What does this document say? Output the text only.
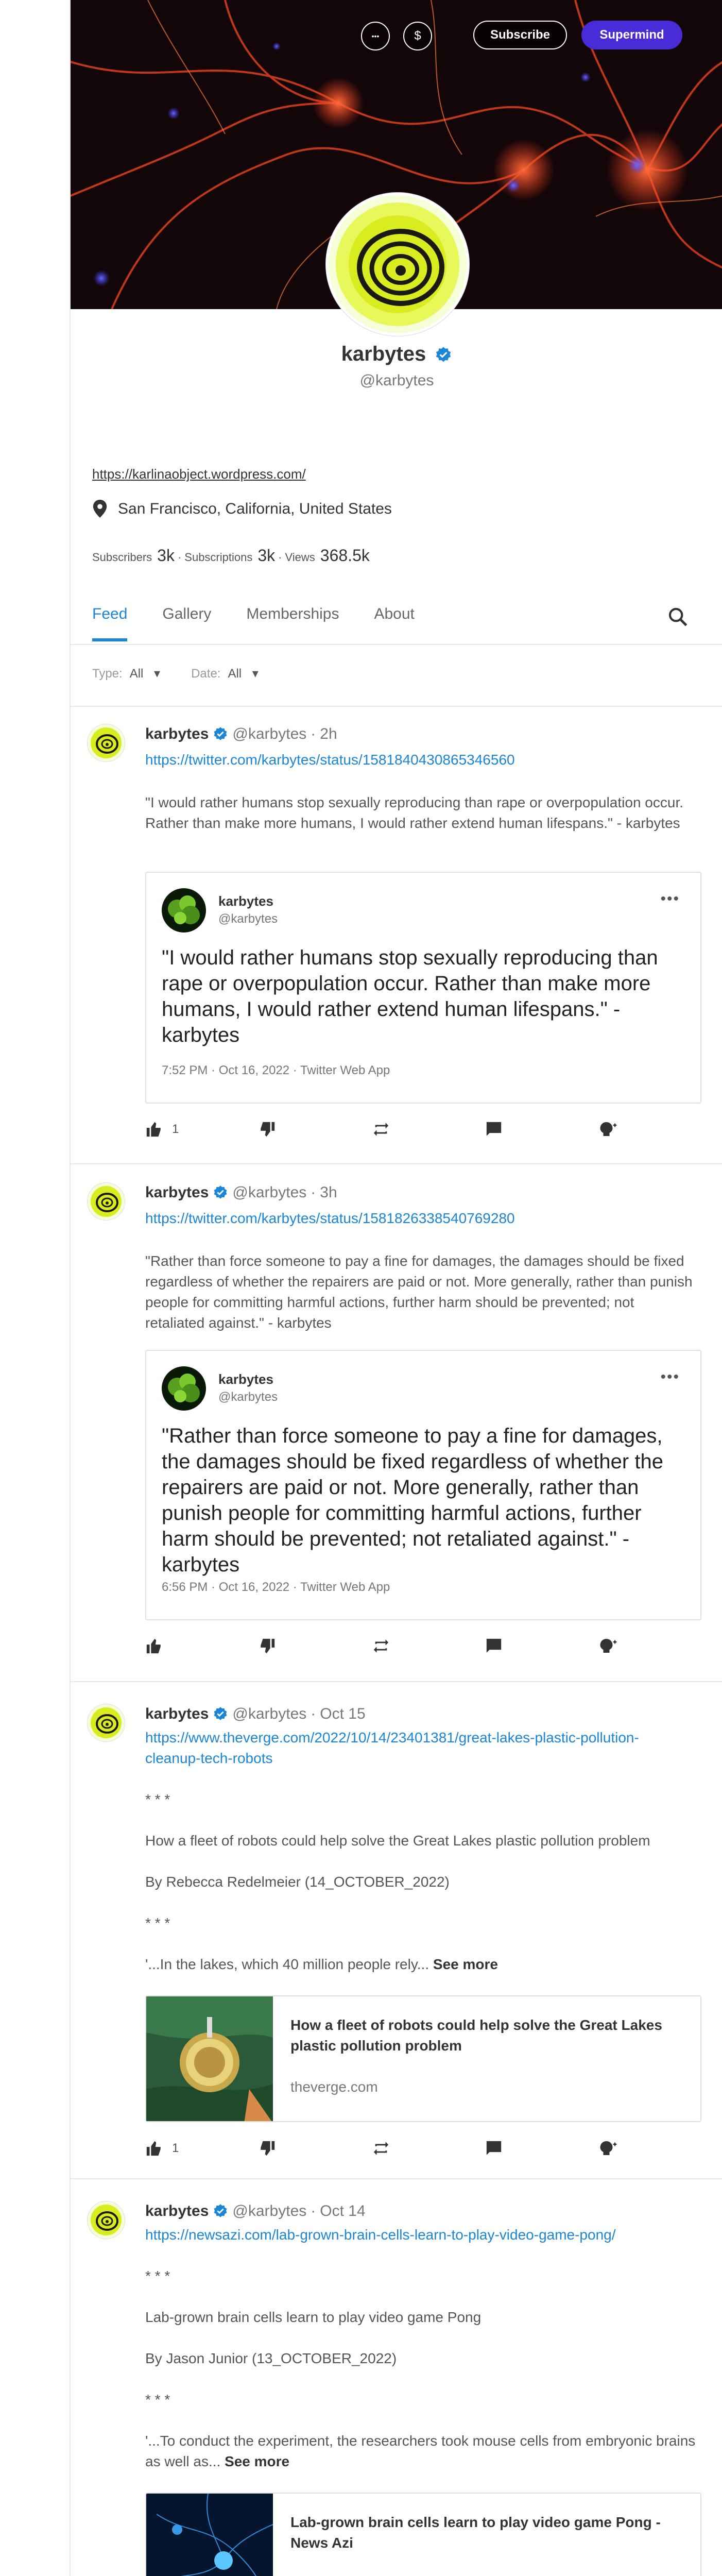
•••	$	Subscribe	Supermind
karbytes
@karbytes
https://karlinaobject.wordpress.com/
San Francisco, California, United States
Subscribers 3k · Subscriptions 3k · Views 368.5k
Feed Gallery Memberships About
Type: All ▾	Date: All ▾
karbytes @karbytes · 2h
https://twitter.com/karbytes/status/1581840430865346560
"I would rather humans stop sexually reproducing than rape or overpopulation occur. Rather than make more humans, I would rather extend human lifespans." - karbytes
karbytes
@karbytes
•••
"I would rather humans stop sexually reproducing than rape or overpopulation occur. Rather than make more humans, I would rather extend human lifespans." - karbytes
7:52 PM · Oct 16, 2022 · Twitter Web App
1
karbytes @karbytes · 3h
https://twitter.com/karbytes/status/1581826338540769280
"Rather than force someone to pay a fine for damages, the damages should be fixed regardless of whether the repairers are paid or not. More generally, rather than punish people for committing harmful actions, further harm should be prevented; not retaliated against." - karbytes
karbytes
@karbytes
•••
"Rather than force someone to pay a fine for damages, the damages should be fixed regardless of whether the repairers are paid or not. More generally, rather than punish people for committing harmful actions, further harm should be prevented; not retaliated against." - karbytes
6:56 PM · Oct 16, 2022 · Twitter Web App
karbytes @karbytes · Oct 15
https://www.theverge.com/2022/10/14/23401381/great-lakes-plastic-pollution-cleanup-tech-robots
* * *
How a fleet of robots could help solve the Great Lakes plastic pollution problem
By Rebecca Redelmeier (14_OCTOBER_2022)
* * *
'...In the lakes, which 40 million people rely... See more
How a fleet of robots could help solve the Great Lakes plastic pollution problem
theverge.com
1
karbytes @karbytes · Oct 14
https://newsazi.com/lab-grown-brain-cells-learn-to-play-video-game-pong/
* * *
Lab-grown brain cells learn to play video game Pong
By Jason Junior (13_OCTOBER_2022)
* * *
'...To conduct the experiment, the researchers took mouse cells from embryonic brains as well as... See more
Lab-grown brain cells learn to play video game Pong - News Azi
